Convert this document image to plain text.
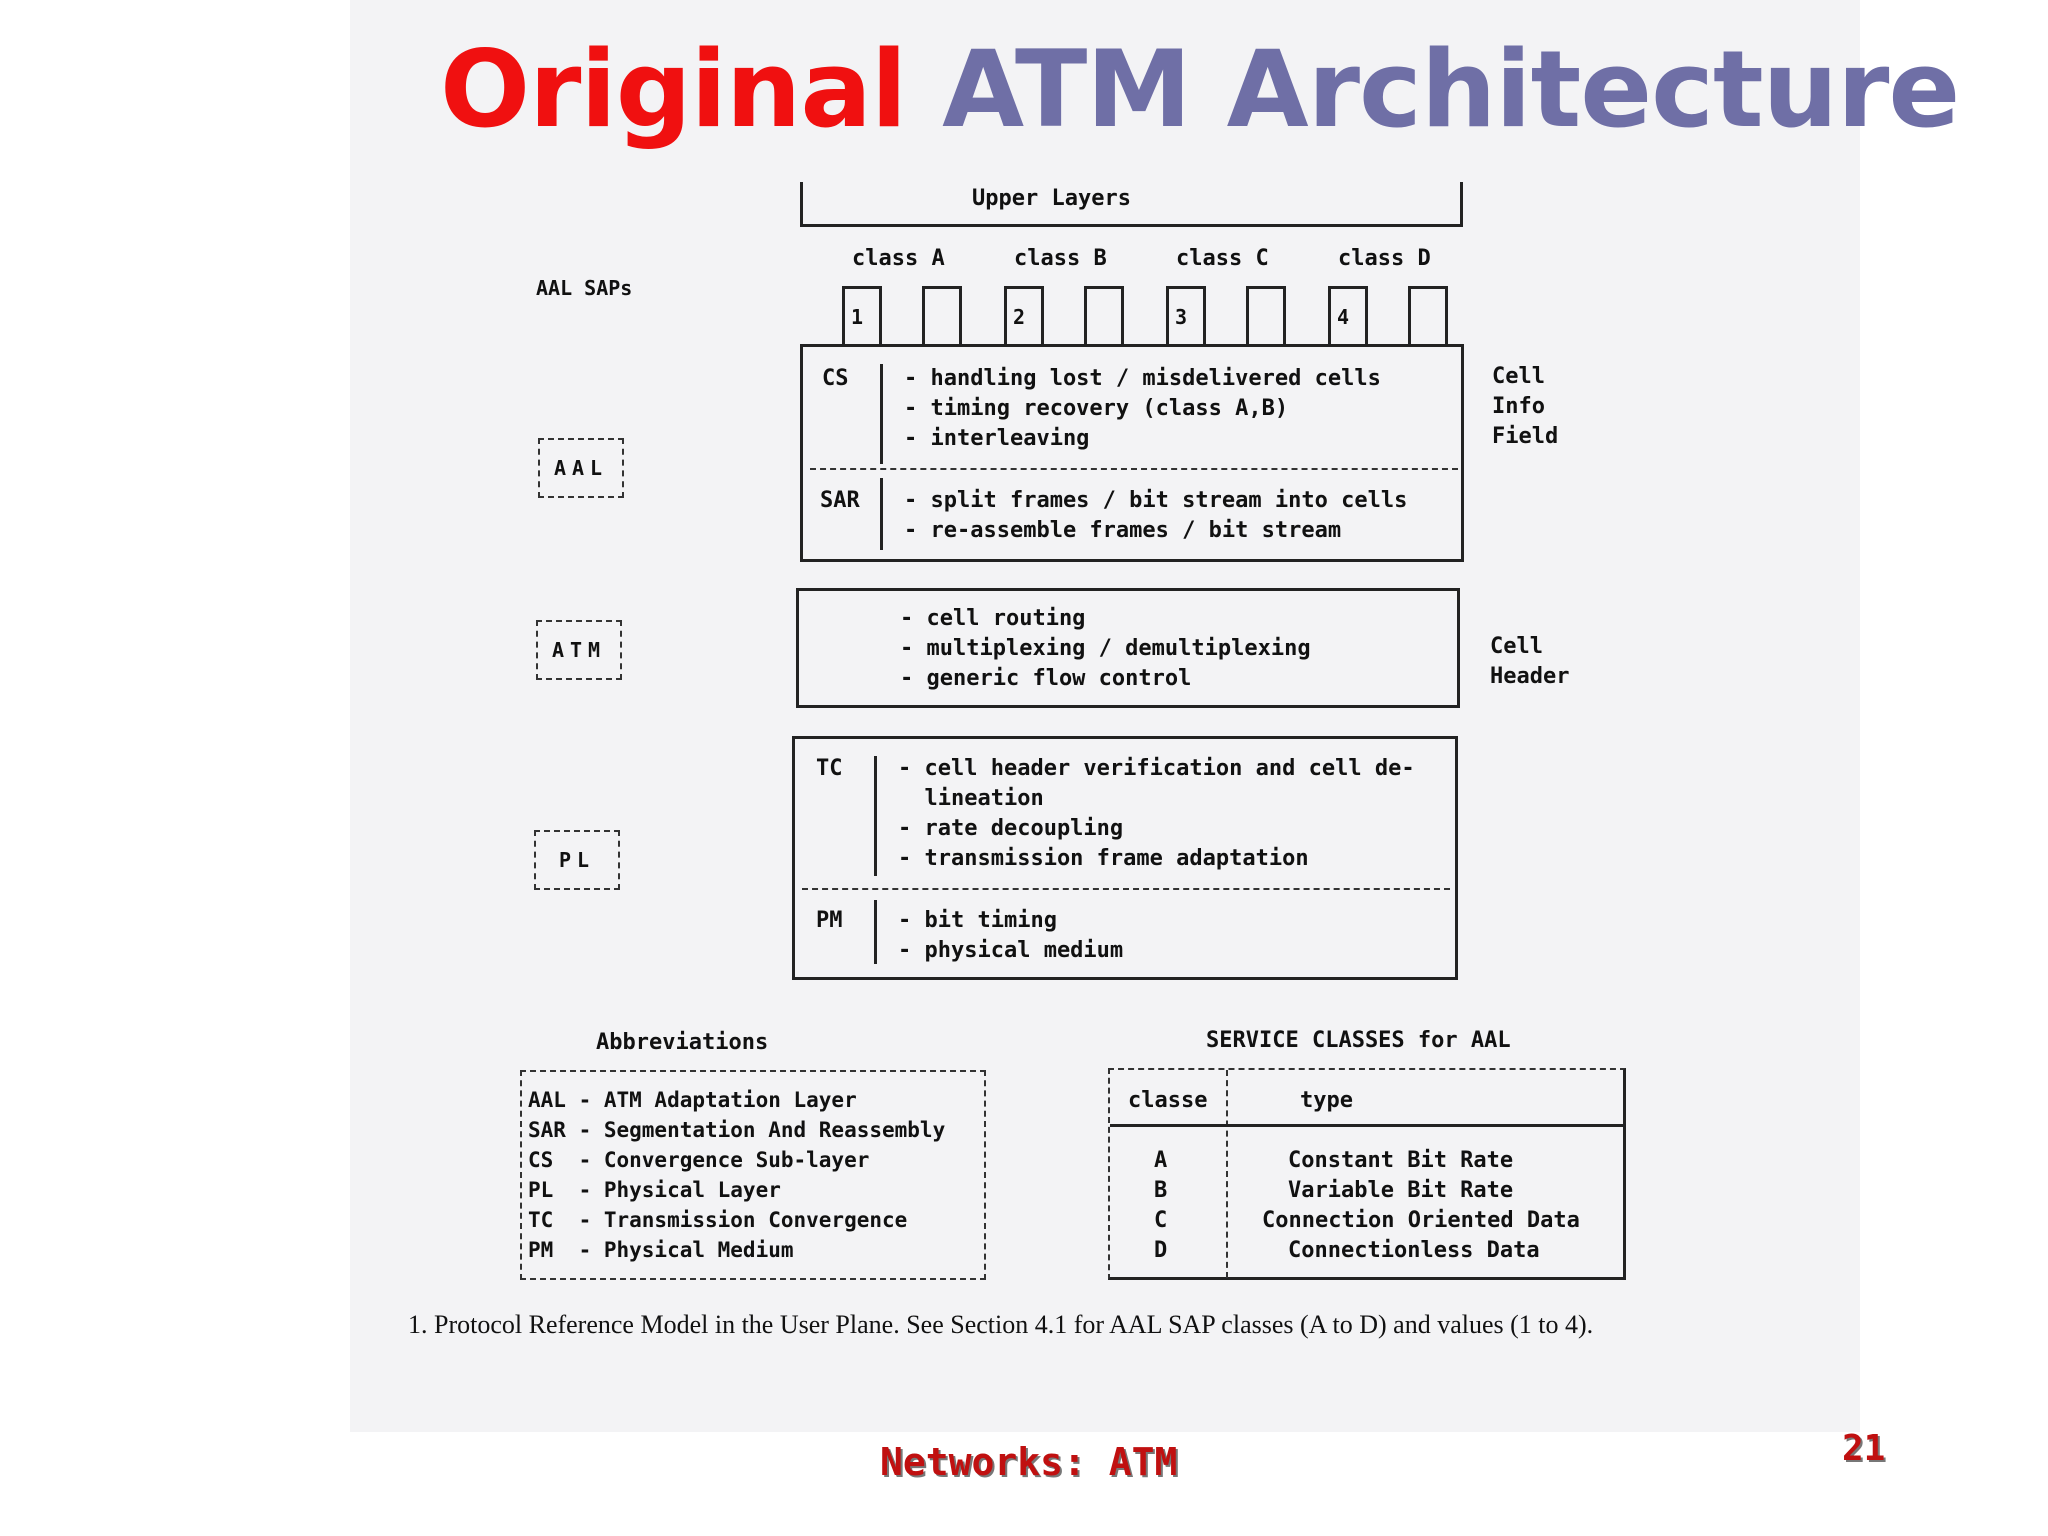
Original ATM Architecture
Upper Layers
class A	class B	class C	class D
AAL SAPs
1	2	3	4
CS	- handling lost / misdelivered cells
- timing recovery (class A,B)
- interleaving
SAR - split frames / bit stream into cells
- re-assemble frames / bit stream
Cell
Info
Field
AAL
- cell routing
- multiplexing / demultiplexing
- generic flow control
Cell
Header
ATM
TC	- cell header verification and cell de-
lineation
- rate decoupling
- transmission frame adaptation
PM	- bit timing
- physical medium
PL
Abbreviations
AAL - ATM Adaptation Layer
SAR - Segmentation And Reassembly
CS  - Convergence Sub-layer
PL  - Physical Layer
TC  - Transmission Convergence
PM  - Physical Medium
SERVICE CLASSES for AAL
classe	type
A	Constant Bit Rate
B	Variable Bit Rate
C	Connection Oriented Data
D	Connectionless Data
1. Protocol Reference Model in the User Plane. See Section 4.1 for AAL SAP classes (A to D) and values (1 to 4).
Networks: ATM	21
